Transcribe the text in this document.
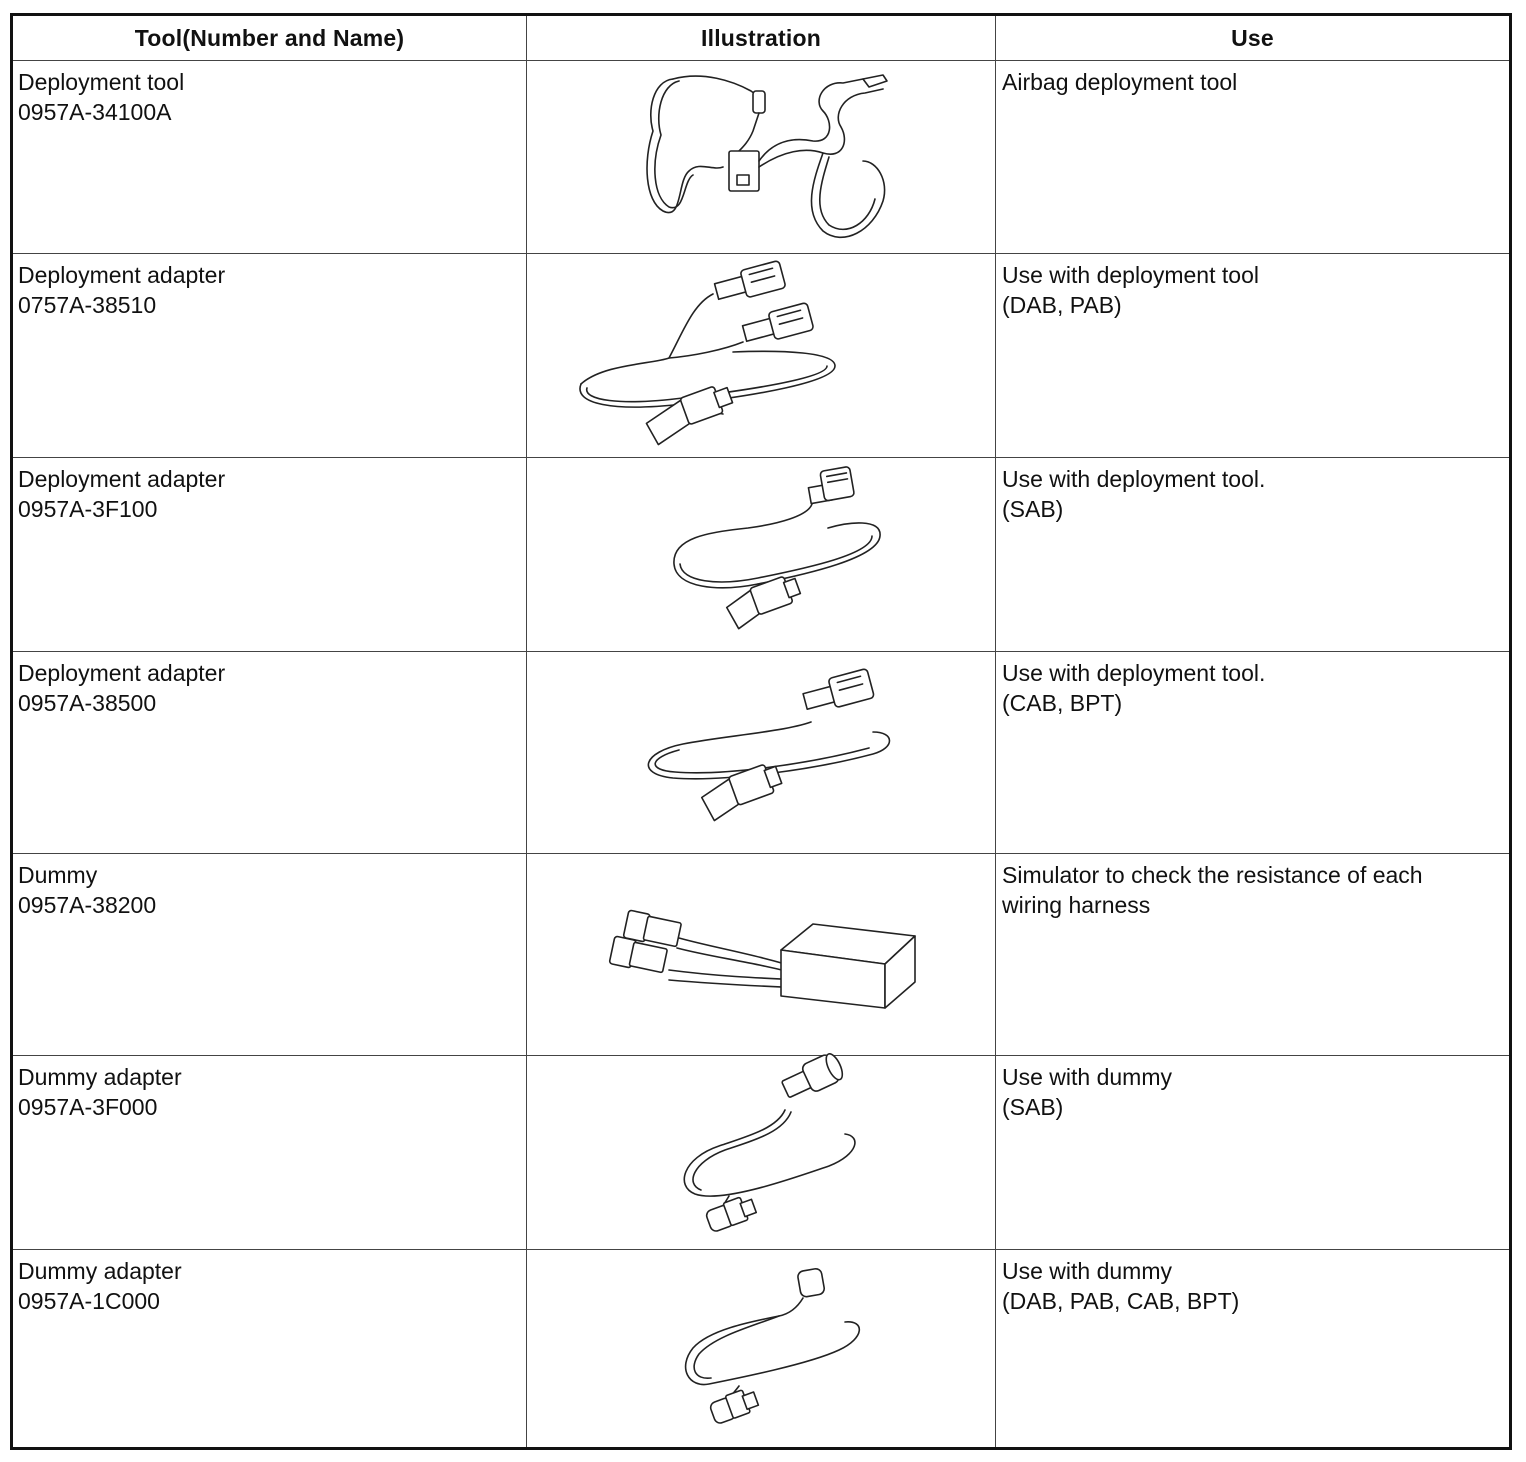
Tool(Number and Name)	Illustration	Use
Deployment tool
0957A-34100A
Airbag deployment tool
Deployment adapter
0757A-38510
Use with deployment tool
(DAB, PAB)
Deployment adapter
0957A-3F100
Use with deployment tool.
(SAB)
Deployment adapter
0957A-38500
Use with deployment tool.
(CAB, BPT)
Dummy
0957A-38200
Simulator to check the resistance of each
wiring harness
Dummy adapter
0957A-3F000
Use with dummy
(SAB)
Dummy adapter
0957A-1C000
Use with dummy
(DAB, PAB, CAB, BPT)
